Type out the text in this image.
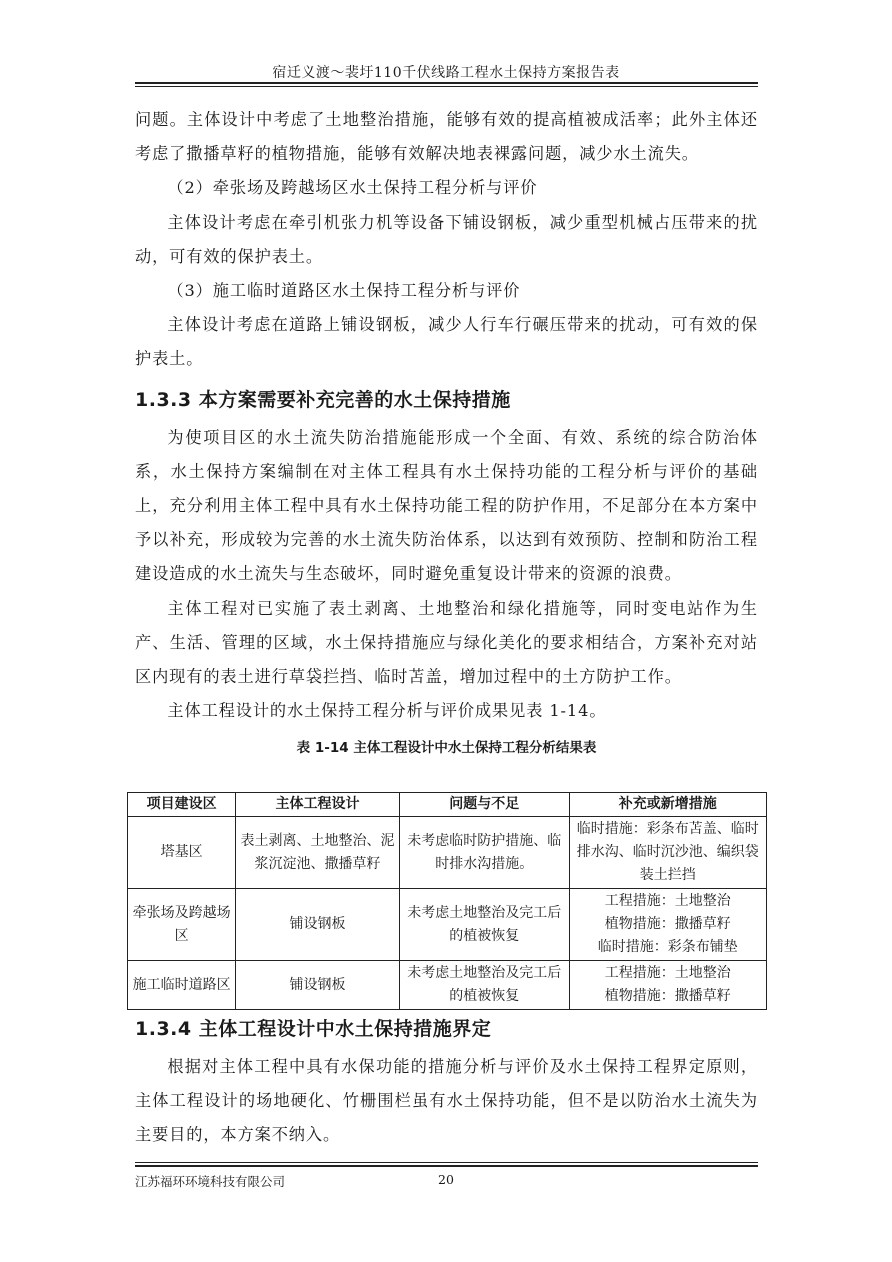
宿迁义渡～裴圩110千伏线路工程水土保持方案报告表

问题。主体设计中考虑了土地整治措施，能够有效的提高植被成活率；此外主体还考虑了撒播草籽的植物措施，能够有效解决地表裸露问题，减少水土流失。

（2）牵张场及跨越场区水土保持工程分析与评价

主体设计考虑在牵引机张力机等设备下铺设钢板，减少重型机械占压带来的扰动，可有效的保护表土。

（3）施工临时道路区水土保持工程分析与评价

主体设计考虑在道路上铺设钢板，减少人行车行碾压带来的扰动，可有效的保护表土。

1.3.3 本方案需要补充完善的水土保持措施

为使项目区的水土流失防治措施能形成一个全面、有效、系统的综合防治体系，水土保持方案编制在对主体工程具有水土保持功能的工程分析与评价的基础上，充分利用主体工程中具有水土保持功能工程的防护作用，不足部分在本方案中予以补充，形成较为完善的水土流失防治体系，以达到有效预防、控制和防治工程建设造成的水土流失与生态破坏，同时避免重复设计带来的资源的浪费。

主体工程对已实施了表土剥离、土地整治和绿化措施等，同时变电站作为生产、生活、管理的区域，水土保持措施应与绿化美化的要求相结合，方案补充对站区内现有的表土进行草袋拦挡、临时苫盖，增加过程中的土方防护工作。

主体工程设计的水土保持工程分析与评价成果见表 1-14。

表 1-14 主体工程设计中水土保持工程分析结果表
项目建设区	主体工程设计	问题与不足	补充或新增措施
塔基区	表土剥离、土地整治、泥浆沉淀池、撒播草籽	未考虑临时防护措施、临时排水沟措施。	临时措施：彩条布苫盖、临时排水沟、临时沉沙池、编织袋装土拦挡

牵张场及跨越场区	铺设钢板	未考虑土地整治及完工后的植被恢复	工程措施：土地整治
植物措施：撒播草籽
临时措施：彩条布铺垫

施工临时道路区	铺设钢板	未考虑土地整治及完工后的植被恢复	工程措施：土地整治
植物措施：撒播草籽
1.3.4 主体工程设计中水土保持措施界定

根据对主体工程中具有水保功能的措施分析与评价及水土保持工程界定原则，主体工程设计的场地硬化、竹栅围栏虽有水土保持功能，但不是以防治水土流失为主要目的，本方案不纳入。

江苏福环环境科技有限公司	20
